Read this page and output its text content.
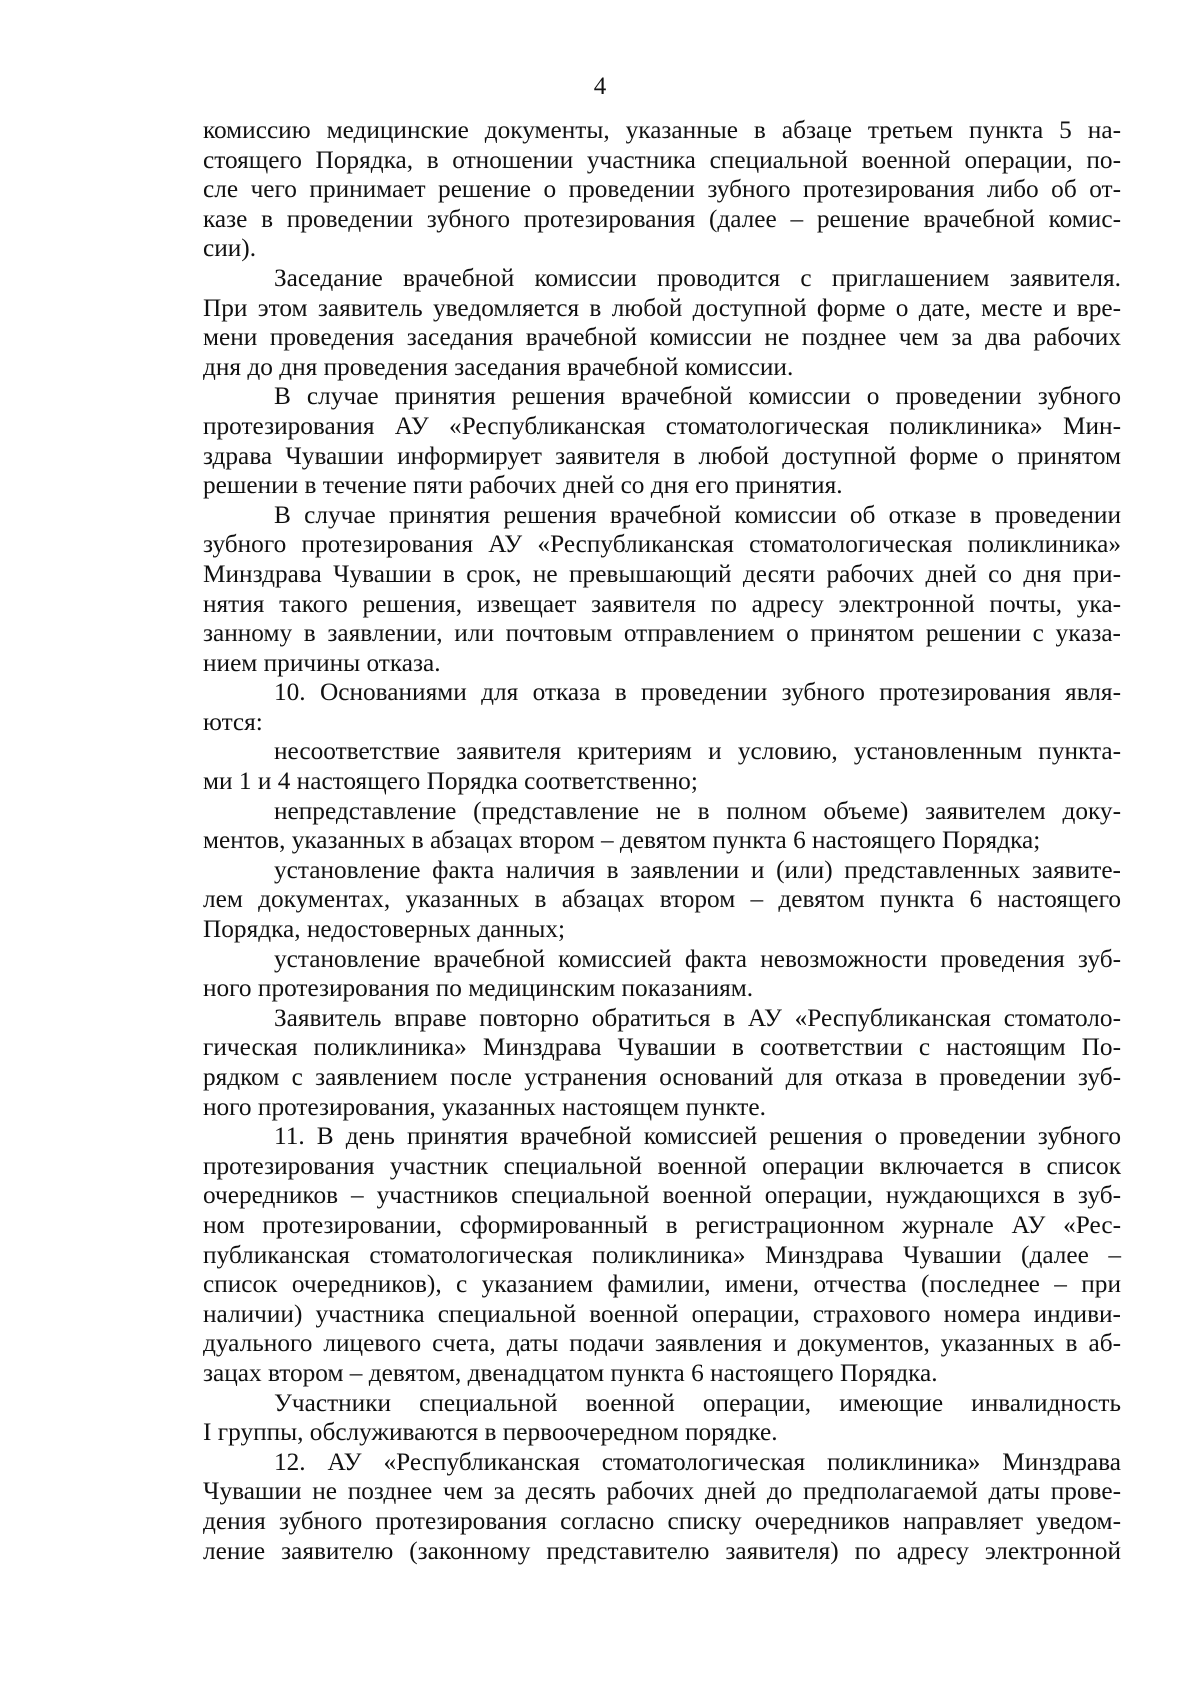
4
комиссию медицинские документы, указанные в абзаце третьем пункта 5 на-
стоящего Порядка, в отношении участника специальной военной операции, по-
сле чего принимает решение о проведении зубного протезирования либо об от-
казе в проведении зубного протезирования (далее – решение врачебной комис-
сии).
Заседание врачебной комиссии проводится с приглашением заявителя.
При этом заявитель уведомляется в любой доступной форме о дате, месте и вре-
мени проведения заседания врачебной комиссии не позднее чем за два рабочих
дня до дня проведения заседания врачебной комиссии.
В случае принятия решения врачебной комиссии о проведении зубного
протезирования АУ «Республиканская стоматологическая поликлиника» Мин-
здрава Чувашии информирует заявителя в любой доступной форме о принятом
решении в течение пяти рабочих дней со дня его принятия.
В случае принятия решения врачебной комиссии об отказе в проведении
зубного протезирования АУ «Республиканская стоматологическая поликлиника»
Минздрава Чувашии в срок, не превышающий десяти рабочих дней со дня при-
нятия такого решения, извещает заявителя по адресу электронной почты, ука-
занному в заявлении, или почтовым отправлением о принятом решении с указа-
нием причины отказа.
10. Основаниями для отказа в проведении зубного протезирования явля-
ются:
несоответствие заявителя критериям и условию, установленным пункта-
ми 1 и 4 настоящего Порядка соответственно;
непредставление (представление не в полном объеме) заявителем доку-
ментов, указанных в абзацах втором – девятом пункта 6 настоящего Порядка;
установление факта наличия в заявлении и (или) представленных заявите-
лем документах, указанных в абзацах втором – девятом пункта 6 настоящего
Порядка, недостоверных данных;
установление врачебной комиссией факта невозможности проведения зуб-
ного протезирования по медицинским показаниям.
Заявитель вправе повторно обратиться в АУ «Республиканская стоматоло-
гическая поликлиника» Минздрава Чувашии в соответствии с настоящим По-
рядком с заявлением после устранения оснований для отказа в проведении зуб-
ного протезирования, указанных настоящем пункте.
11. В день принятия врачебной комиссией решения о проведении зубного
протезирования участник специальной военной операции включается в список
очередников – участников специальной военной операции, нуждающихся в зуб-
ном протезировании, сформированный в регистрационном журнале АУ «Рес-
публиканская стоматологическая поликлиника» Минздрава Чувашии (далее –
список очередников), с указанием фамилии, имени, отчества (последнее – при
наличии) участника специальной военной операции, страхового номера индиви-
дуального лицевого счета, даты подачи заявления и документов, указанных в аб-
зацах втором – девятом, двенадцатом пункта 6 настоящего Порядка.
Участники специальной военной операции, имеющие инвалидность
I группы, обслуживаются в первоочередном порядке.
12. АУ «Республиканская стоматологическая поликлиника» Минздрава
Чувашии не позднее чем за десять рабочих дней до предполагаемой даты прове-
дения зубного протезирования согласно списку очередников направляет уведом-
ление заявителю (законному представителю заявителя) по адресу электронной
